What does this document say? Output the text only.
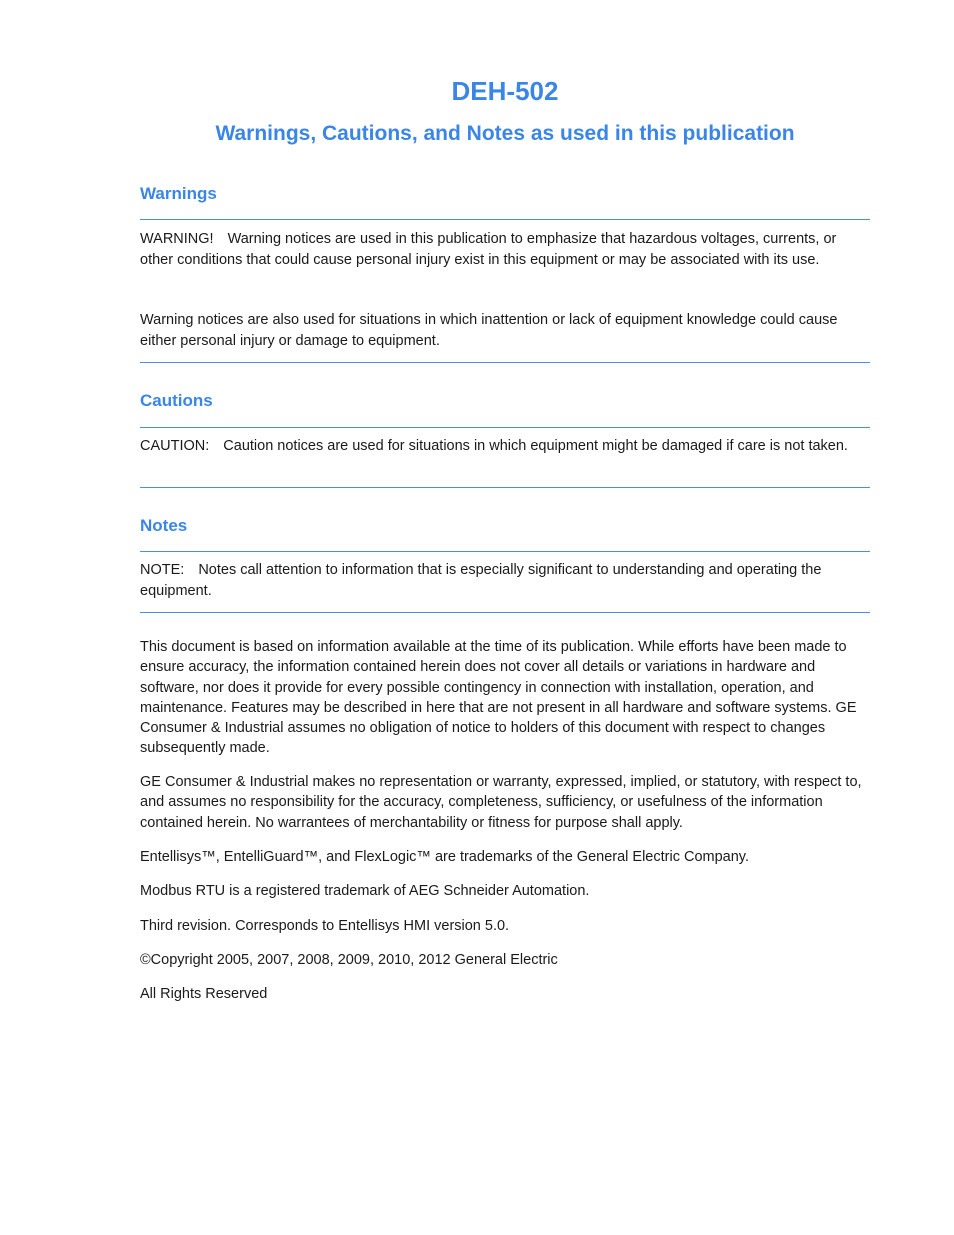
DEH-502
Warnings, Cautions, and Notes as used in this publication
Warnings

WARNING! Warning notices are used in this publication to emphasize that hazardous voltages, currents, or other conditions that could cause personal injury exist in this equipment or may be associated with its use.

Warning notices are also used for situations in which inattention or lack of equipment knowledge could cause either personal injury or damage to equipment.

Cautions

CAUTION: Caution notices are used for situations in which equipment might be damaged if care is not taken.

Notes

NOTE: Notes call attention to information that is especially significant to understanding and operating the equipment.

This document is based on information available at the time of its publication. While efforts have been made to ensure accuracy, the information contained herein does not cover all details or variations in hardware and software, nor does it provide for every possible contingency in connection with installation, operation, and maintenance. Features may be described in here that are not present in all hardware and software systems. GE Consumer & Industrial assumes no obligation of notice to holders of this document with respect to changes subsequently made.

GE Consumer & Industrial makes no representation or warranty, expressed, implied, or statutory, with respect to, and assumes no responsibility for the accuracy, completeness, sufficiency, or usefulness of the information contained herein. No warrantees of merchantability or fitness for purpose shall apply.

Entellisys™, EntelliGuard™, and FlexLogic™ are trademarks of the General Electric Company.

Modbus RTU is a registered trademark of AEG Schneider Automation.

Third revision. Corresponds to Entellisys HMI version 5.0.

©Copyright 2005, 2007, 2008, 2009, 2010, 2012 General Electric

All Rights Reserved
